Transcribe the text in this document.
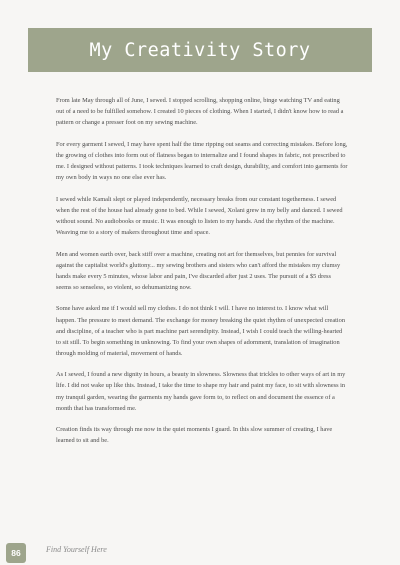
My Creativity Story

From late May through all of June, I sewed. I stopped scrolling, shopping online, binge watching TV and eating out of a need to be fulfilled somehow. I created 10 pieces of clothing. When I started, I didn't know how to read a pattern or change a presser foot on my sewing machine.

For every garment I sewed, I may have spent half the time ripping out seams and correcting mistakes. Before long, the growing of clothes into form out of flatness began to internalize and I found shapes in fabric, not prescribed to me. I designed without patterns. I took techniques learned to craft design, durability, and comfort into garments for my own body in ways no one else ever has.

I sewed while Kamali slept or played independently, necessary breaks from our constant togetherness. I sewed when the rest of the house had already gone to bed. While I sewed, Xolani grew in my belly and danced. I sewed without sound. No audiobooks or music. It was enough to listen to my hands. And the rhythm of the machine. Weaving me to a story of makers throughout time and space.

Men and women earth over, back stiff over a machine, creating not art for themselves, but pennies for survival against the capitalist world's gluttony... my sewing brothers and sisters who can't afford the mistakes my clumsy hands make every 5 minutes, whose labor and pain, I've discarded after just 2 uses. The pursuit of a $5 dress seems so senseless, so violent, so dehumanizing now.

Some have asked me if I would sell my clothes. I do not think I will. I have no interest to. I know what will happen. The pressure to meet demand. The exchange for money breaking the quiet rhythm of unexpected creation and discipline, of a teacher who is part machine part serendipity. Instead, I wish I could teach the willing-hearted to sit still. To begin something in unknowing. To find your own shapes of adornment, translation of imagination through molding of material, movement of hands.

As I sewed, I found a new dignity in hours, a beauty in slowness. Slowness that trickles to other ways of art in my life. I did not wake up like this. Instead, I take the time to shape my hair and paint my face, to sit with slowness in my tranquil garden, wearing the garments my hands gave form to, to reflect on and document the essence of a month that has transformed me.

Creation finds its way through me now in the quiet moments I guard. In this slow summer of creating, I have learned to sit and be.

86	Find Yourself Here
